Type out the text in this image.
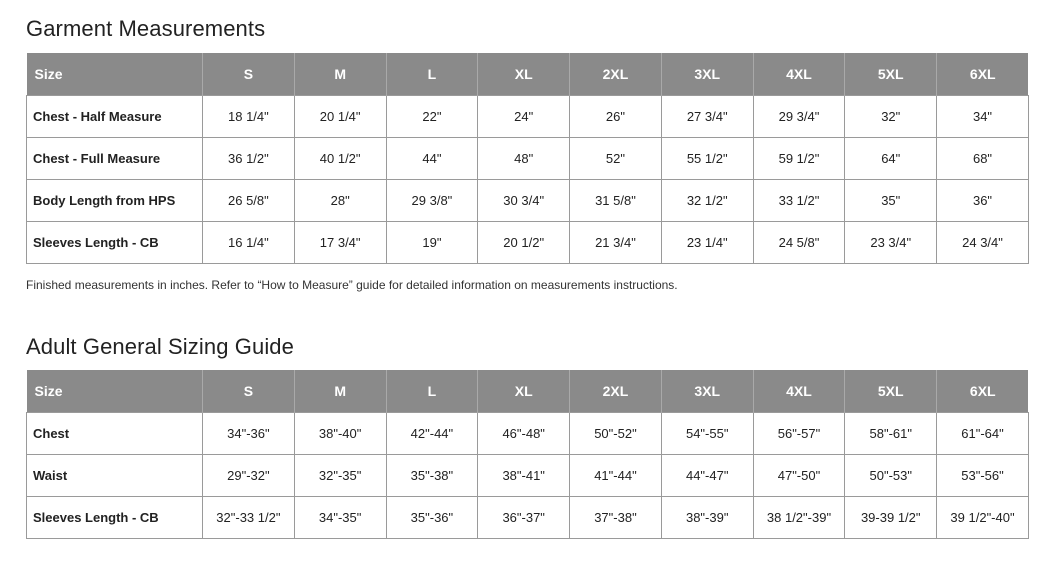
Garment Measurements
Size	S	M	L	XL	2XL	3XL	4XL	5XL	6XL
Chest - Half Measure	18 1/4"	20 1/4"	22"	24"	26"	27 3/4"	29 3/4"	32"	34"
Chest - Full Measure	36 1/2"	40 1/2"	44"	48"	52"	55 1/2"	59 1/2"	64"	68"
Body Length from HPS	26 5/8"	28"	29 3/8"	30 3/4"	31 5/8"	32 1/2"	33 1/2"	35"	36"
Sleeves Length - CB	16 1/4"	17 3/4"	19"	20 1/2"	21 3/4"	23 1/4"	24 5/8"	23 3/4"	24 3/4"

Finished measurements in inches. Refer to “How to Measure” guide for detailed information on measurements instructions.

Adult General Sizing Guide
Size	S	M	L	XL	2XL	3XL	4XL	5XL	6XL
Chest	34"-36"	38"-40"	42"-44"	46"-48"	50"-52"	54"-55"	56"-57"	58"-61"	61"-64"
Waist	29"-32"	32"-35"	35"-38"	38"-41"	41"-44"	44"-47"	47"-50"	50"-53"	53"-56"
Sleeves Length - CB	32"-33 1/2"	34"-35"	35"-36"	36"-37"	37"-38"	38"-39"	38 1/2"-39"	39-39 1/2"	39 1/2"-40"
